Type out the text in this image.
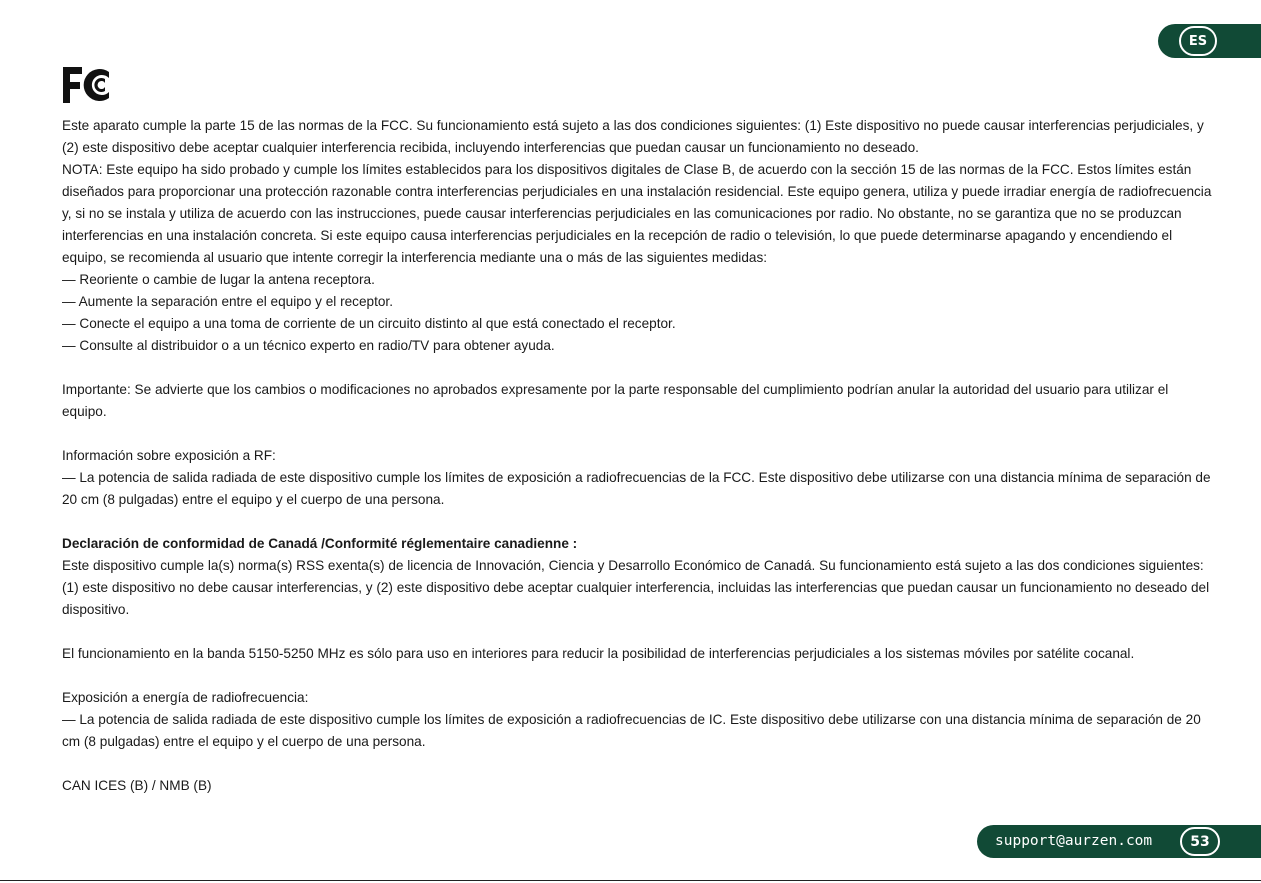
ES

Este aparato cumple la parte 15 de las normas de la FCC. Su funcionamiento está sujeto a las dos condiciones siguientes: (1) Este dispositivo no puede causar interferencias perjudiciales, y (2) este dispositivo debe aceptar cualquier interferencia recibida, incluyendo interferencias que puedan causar un funcionamiento no deseado.

NOTA: Este equipo ha sido probado y cumple los límites establecidos para los dispositivos digitales de Clase B, de acuerdo con la sección 15 de las normas de la FCC. Estos límites están diseñados para proporcionar una protección razonable contra interferencias perjudiciales en una instalación residencial. Este equipo genera, utiliza y puede irradiar energía de radiofrecuencia y, si no se instala y utiliza de acuerdo con las instrucciones, puede causar interferencias perjudiciales en las comunicaciones por radio. No obstante, no se garantiza que no se produzcan interferencias en una instalación concreta. Si este equipo causa interferencias perjudiciales en la recepción de radio o televisión, lo que puede determinarse apagando y encendiendo el equipo, se recomienda al usuario que intente corregir la interferencia mediante una o más de las siguientes medidas:

— Reoriente o cambie de lugar la antena receptora.

— Aumente la separación entre el equipo y el receptor.

— Conecte el equipo a una toma de corriente de un circuito distinto al que está conectado el receptor.

— Consulte al distribuidor o a un técnico experto en radio/TV para obtener ayuda.

Importante: Se advierte que los cambios o modificaciones no aprobados expresamente por la parte responsable del cumplimiento podrían anular la autoridad del usuario para utilizar el equipo.

Información sobre exposición a RF:

— La potencia de salida radiada de este dispositivo cumple los límites de exposición a radiofrecuencias de la FCC. Este dispositivo debe utilizarse con una distancia mínima de separación de 20 cm (8 pulgadas) entre el equipo y el cuerpo de una persona.

Declaración de conformidad de Canadá /Conformité réglementaire canadienne :

Este dispositivo cumple la(s) norma(s) RSS exenta(s) de licencia de Innovación, Ciencia y Desarrollo Económico de Canadá. Su funcionamiento está sujeto a las dos condiciones siguientes: (1) este dispositivo no debe causar interferencias, y (2) este dispositivo debe aceptar cualquier interferencia, incluidas las interferencias que puedan causar un funcionamiento no deseado del dispositivo.

El funcionamiento en la banda 5150-5250 MHz es sólo para uso en interiores para reducir la posibilidad de interferencias perjudiciales a los sistemas móviles por satélite cocanal.

Exposición a energía de radiofrecuencia:

— La potencia de salida radiada de este dispositivo cumple los límites de exposición a radiofrecuencias de IC. Este dispositivo debe utilizarse con una distancia mínima de separación de 20 cm (8 pulgadas) entre el equipo y el cuerpo de una persona.

CAN ICES (B) / NMB (B)

support@aurzen.com	53
